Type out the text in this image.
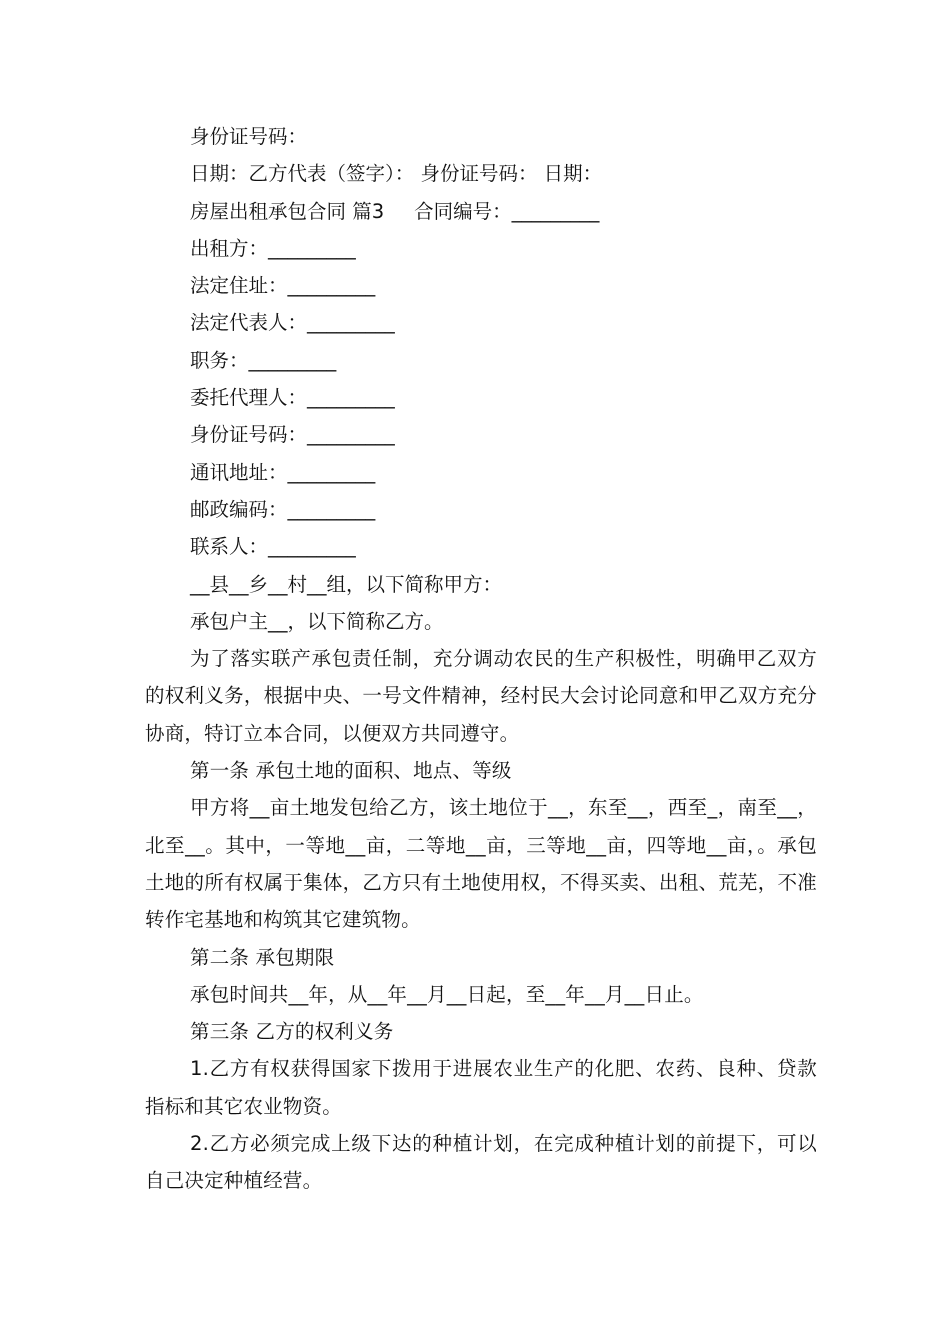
身份证号码：
日期：乙方代表（签字）： 身份证号码： 日期：
房屋出租承包合同 篇3 合同编号：_________
出租方：_________
法定住址：_________
法定代表人：_________
职务：_________
委托代理人：_________
身份证号码：_________
通讯地址：_________
邮政编码：_________
联系人：_________
__县__乡__村__组，以下简称甲方：
承包户主__，以下简称乙方。
为了落实联产承包责任制，充分调动农民的生产积极性，明确甲乙双方的权利义务，根据中央、一号文件精神，经村民大会讨论同意和甲乙双方充分协商，特订立本合同，以便双方共同遵守。
第一条 承包土地的面积、地点、等级
甲方将__亩土地发包给乙方，该土地位于__，东至__，西至_，南至__，北至__。其中，一等地__亩，二等地__亩，三等地__亩，四等地__亩，。承包土地的所有权属于集体，乙方只有土地使用权，不得买卖、出租、荒芜，不准转作宅基地和构筑其它建筑物。
第二条 承包期限
承包时间共__年，从__年__月__日起，至__年__月__日止。
第三条 乙方的权利义务
1.乙方有权获得国家下拨用于进展农业生产的化肥、农药、良种、贷款指标和其它农业物资。
2.乙方必须完成上级下达的种植计划，在完成种植计划的前提下，可以自己决定种植经营。
